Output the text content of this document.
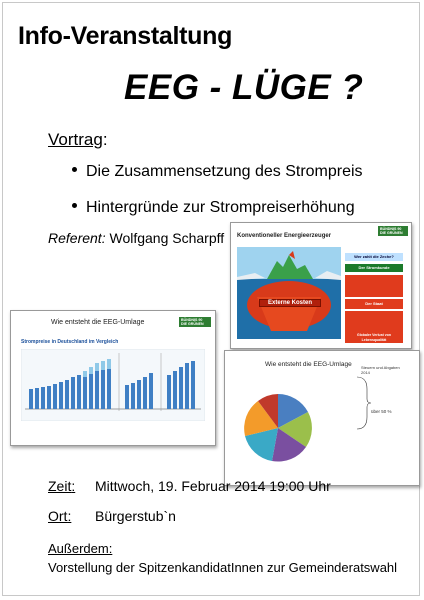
Info-Veranstaltung
EEG - LÜGE ?
Vortrag:
Die Zusammensetzung des Strompreis
Hintergründe zur Strompreiserhöhung
Referent: Wolfgang Scharpff Konventioneller Energieerzeuger
BÜNDNIS 90 DIE GRÜNEN
Externe Kosten
Wer zahlt die Zeche?
Der Stromkunde
Der Staat
Globaler Verlust von Lebensqualität
Wie entsteht die EEG-Umlage	BÜNDNIS 90 DIE GRÜNEN
Strompreise in Deutschland im Vergleich
Wie entsteht die EEG-Umlage Steuern und Abgaben 2014
über 50 %
Zeit: Mittwoch, 19. Februar 2014 19:00 Uhr
Ort: Bürgerstub`n
Außerdem:
Vorstellung der SpitzenkandidatInnen zur Gemeinderatswahl
